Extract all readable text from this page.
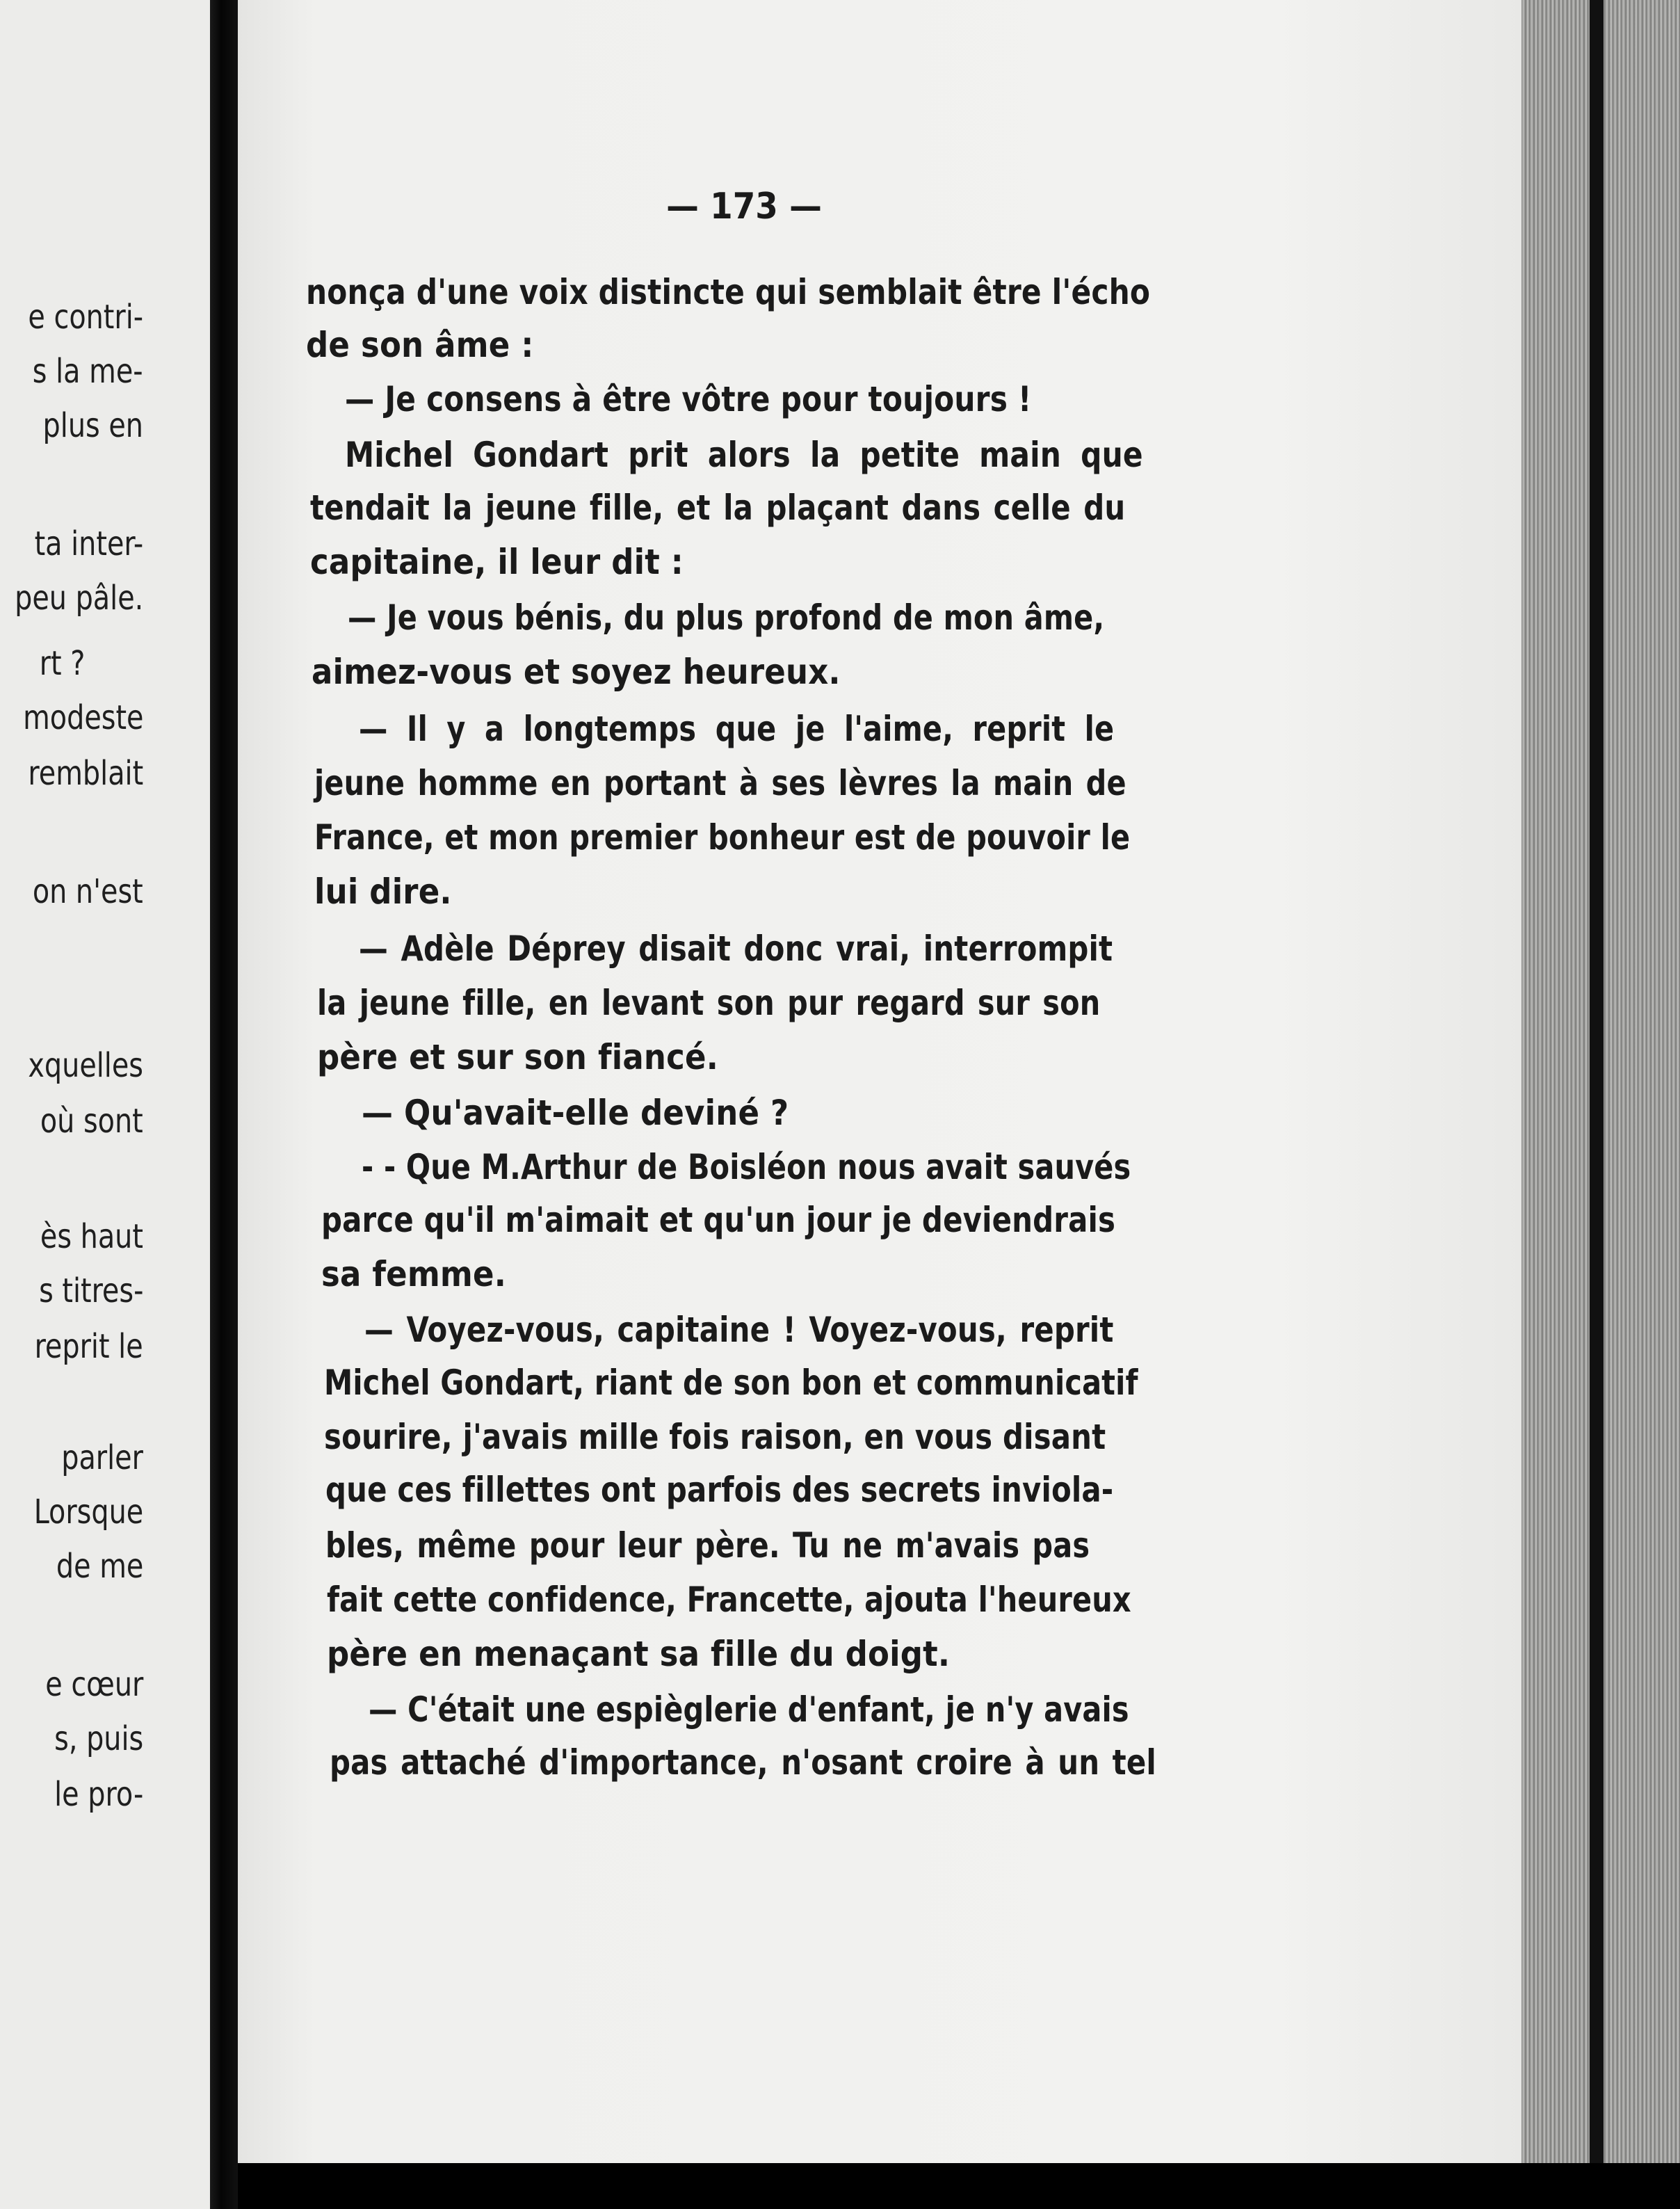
e contri-
s la me-
plus en
ta inter-
peu pâle.
rt ?
modeste
remblait
on n'est
xquelles
où sont
ès haut
s titres-
reprit le
parler
Lorsque
de me
e cœur
s, puis
le pro-
— 173 —
nonça d'une voix distincte qui semblait être l'écho
de son âme :
— Je consens à être vôtre pour toujours !
Michel Gondart prit alors la petite main que
tendait la jeune fille, et la plaçant dans celle du
capitaine, il leur dit :
— Je vous bénis, du plus profond de mon âme,
aimez-vous et soyez heureux.
— Il y a longtemps que je l'aime, reprit le
jeune homme en portant à ses lèvres la main de
France, et mon premier bonheur est de pouvoir le
lui dire.
— Adèle Déprey disait donc vrai, interrompit
la jeune fille, en levant son pur regard sur son
père et sur son fiancé.
— Qu'avait-elle deviné ?
- - Que M.Arthur de Boisléon nous avait sauvés
parce qu'il m'aimait et qu'un jour je deviendrais
sa femme.
— Voyez-vous, capitaine ! Voyez-vous, reprit
Michel Gondart, riant de son bon et communicatif
sourire, j'avais mille fois raison, en vous disant
que ces fillettes ont parfois des secrets inviola-
bles, même pour leur père. Tu ne m'avais pas
fait cette confidence, Francette, ajouta l'heureux
père en menaçant sa fille du doigt.
— C'était une espièglerie d'enfant, je n'y avais
pas attaché d'importance, n'osant croire à un tel
